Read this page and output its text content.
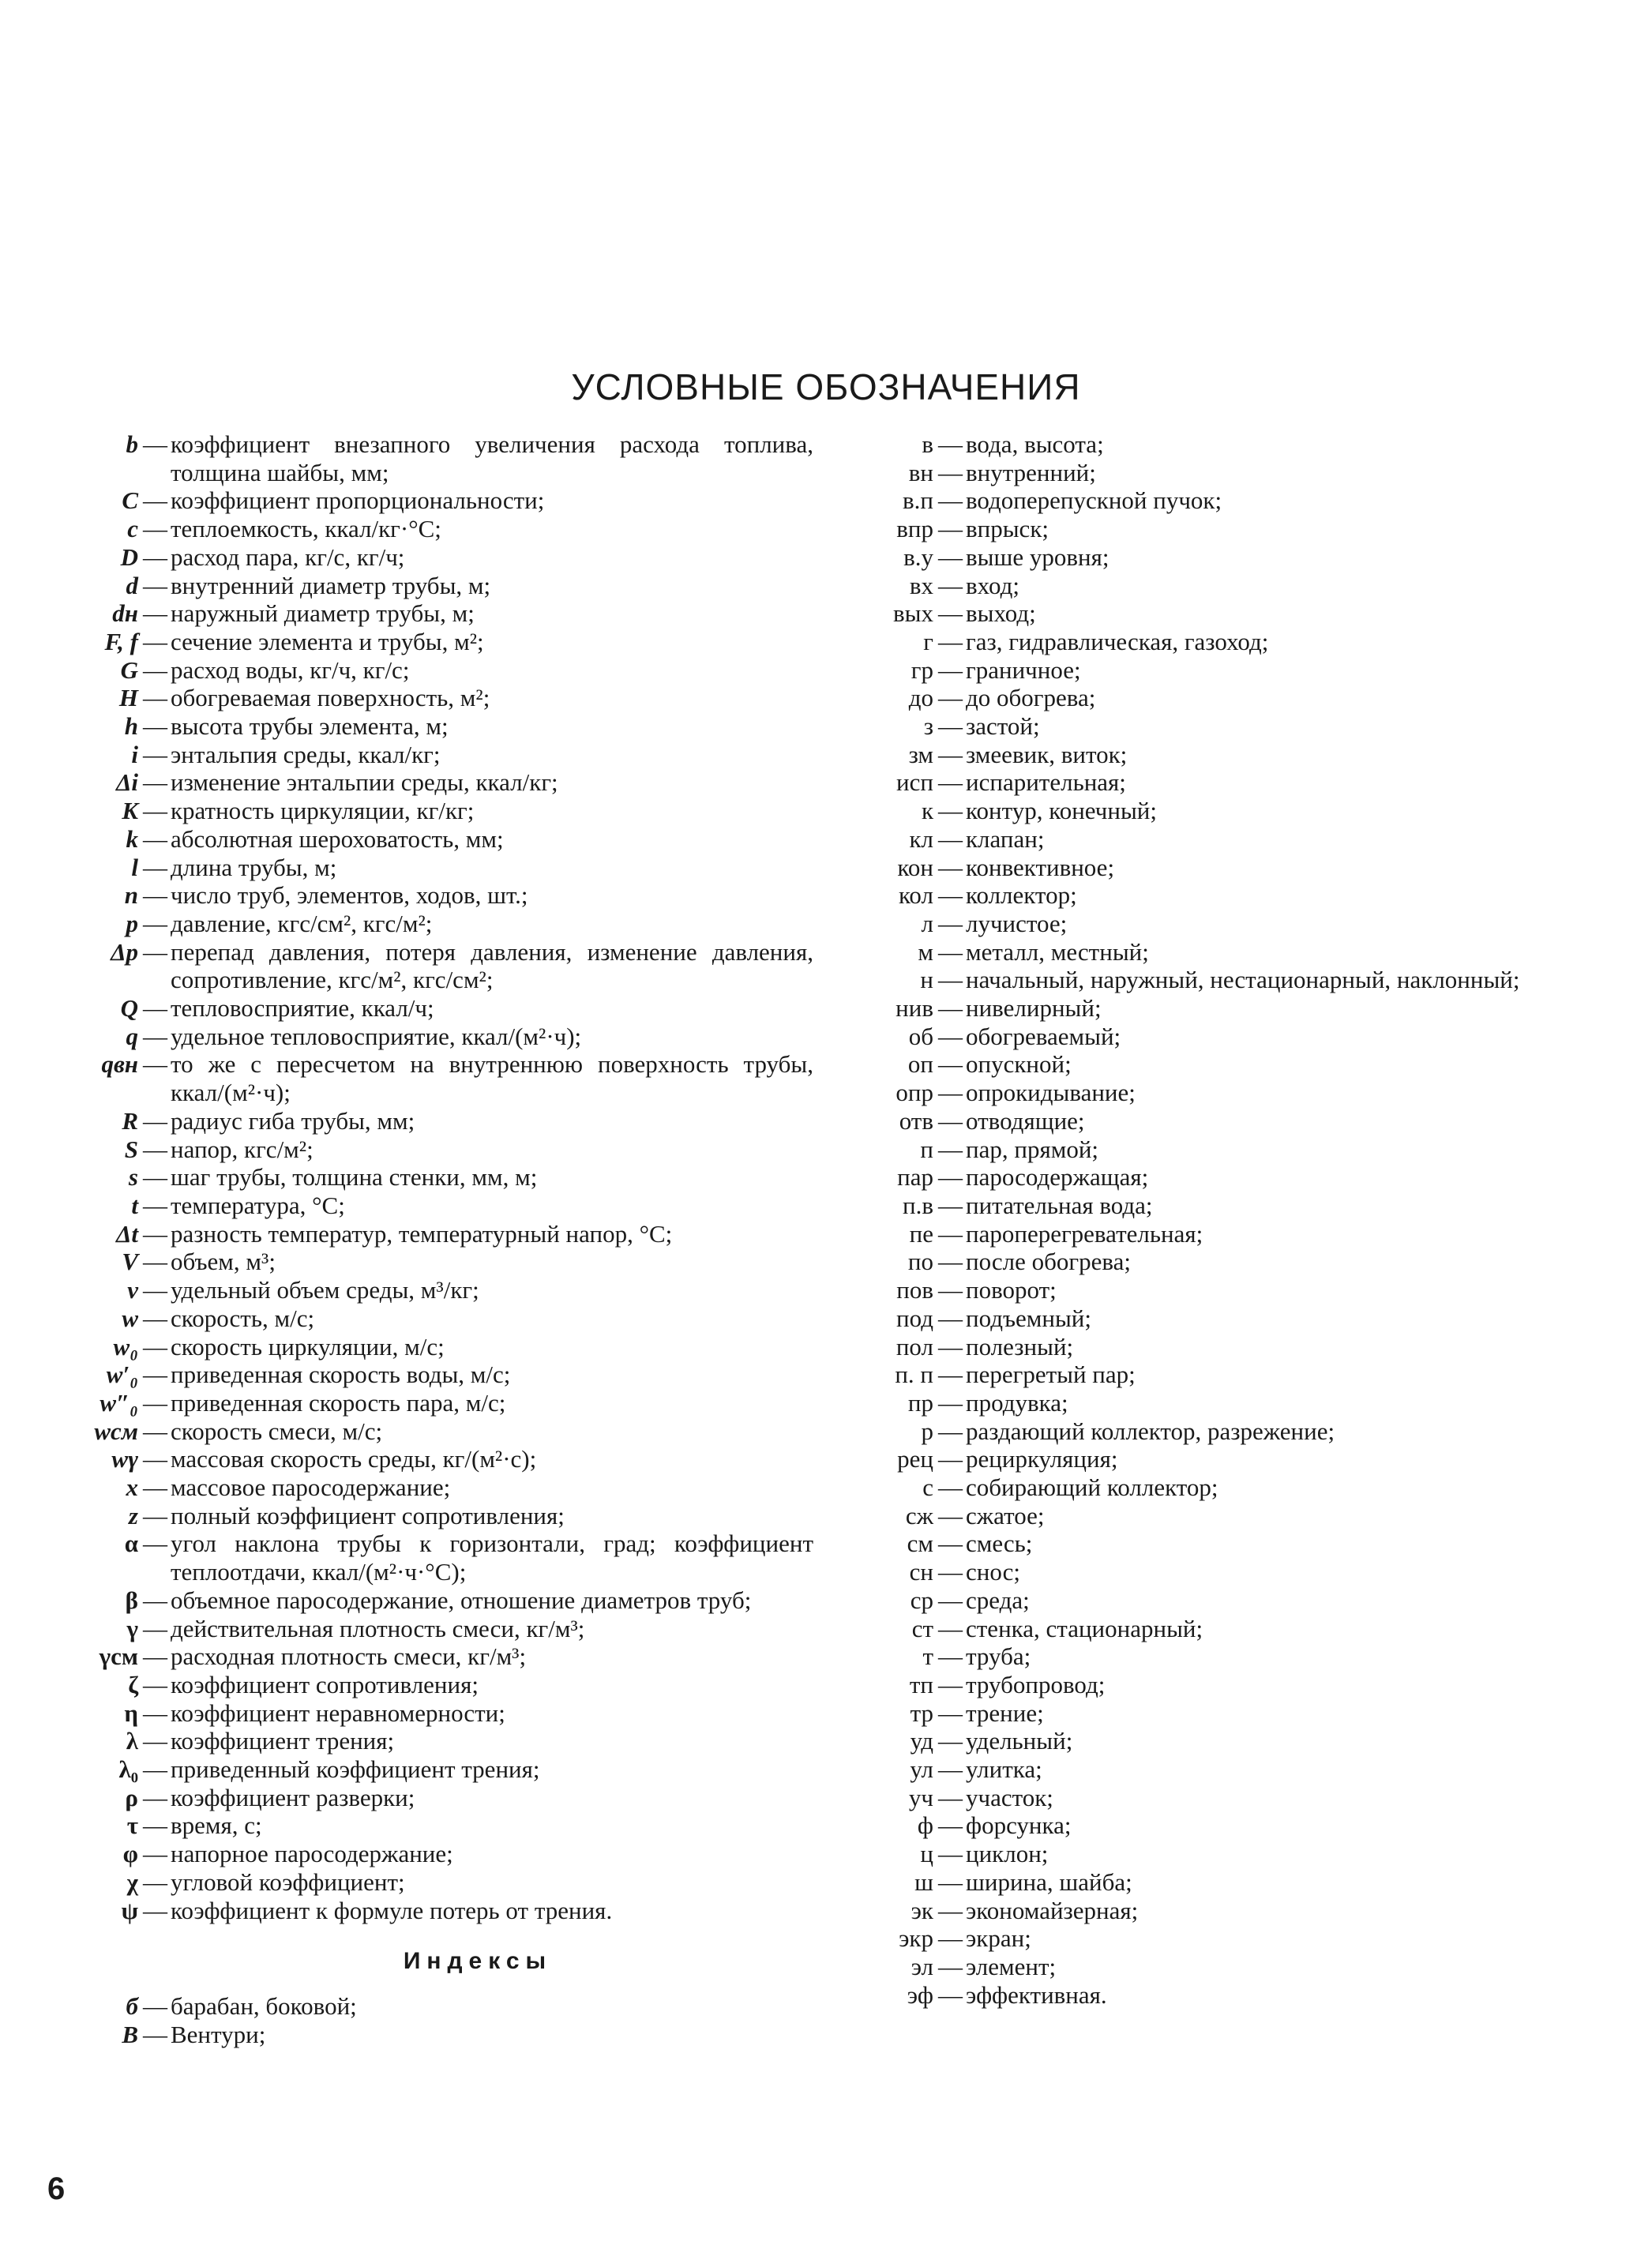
УСЛОВНЫЕ ОБОЗНАЧЕНИЯ
b — коэффициент внезапного увеличения расхода топлива, толщина шайбы, мм;
C — коэффициент пропорциональности;
c — теплоемкость, ккал/кг·°C;
D — расход пара, кг/с, кг/ч;
d — внутренний диаметр трубы, м;
dн — наружный диаметр трубы, м;
F, f — сечение элемента и трубы, м²;
G — расход воды, кг/ч, кг/с;
H — обогреваемая поверхность, м²;
h — высота трубы элемента, м;
i — энтальпия среды, ккал/кг;
Δi — изменение энтальпии среды, ккал/кг;
K — кратность циркуляции, кг/кг;
k — абсолютная шероховатость, мм;
l — длина трубы, м;
n — число труб, элементов, ходов, шт.;
p — давление, кгс/см², кгс/м²;
Δp — перепад давления, потеря давления, изменение давления, сопротивление, кгс/м², кгс/см²;
Q — тепловосприятие, ккал/ч;
q — удельное тепловосприятие, ккал/(м²·ч);
qвн — то же с пересчетом на внутреннюю поверхность трубы, ккал/(м²·ч);
R — радиус гиба трубы, мм;
S — напор, кгс/м²;
s — шаг трубы, толщина стенки, мм, м;
t — температура, °C;
Δt — разность температур, температурный напор, °C;
V — объем, м³;
v — удельный объем среды, м³/кг;
w — скорость, м/с;
w₀ — скорость циркуляции, м/с;
w′₀ — приведенная скорость воды, м/с;
w″₀ — приведенная скорость пара, м/с;
wсм — скорость смеси, м/с;
wγ — массовая скорость среды, кг/(м²·с);
x — массовое паросодержание;
z — полный коэффициент сопротивления;
α — угол наклона трубы к горизонтали, град; коэффициент теплоотдачи, ккал/(м²·ч·°C);
β — объемное паросодержание, отношение диаметров труб;
γ — действительная плотность смеси, кг/м³;
γсм — расходная плотность смеси, кг/м³;
ζ — коэффициент сопротивления;
η — коэффициент неравномерности;
λ — коэффициент трения;
λ₀ — приведенный коэффициент трения;
ρ — коэффициент разверки;
τ — время, с;
φ — напорное паросодержание;
χ — угловой коэффициент;
ψ — коэффициент к формуле потерь от трения.
Индексы
б — барабан, боковой;
В — Вентури;
в — вода, высота;
вн — внутренний;
в.п — водоперепускной пучок;
впр — впрыск;
в.у — выше уровня;
вх — вход;
вых — выход;
г — газ, гидравлическая, газоход;
гр — граничное;
до — до обогрева;
з — застой;
зм — змеевик, виток;
исп — испарительная;
к — контур, конечный;
кл — клапан;
кон — конвективное;
кол — коллектор;
л — лучистое;
м — металл, местный;
н — начальный, наружный, нестационарный, наклонный;
нив — нивелирный;
об — обогреваемый;
оп — опускной;
опр — опрокидывание;
отв — отводящие;
п — пар, прямой;
пар — паросодержащая;
п.в — питательная вода;
пе — пароперегревательная;
по — после обогрева;
пов — поворот;
под — подъемный;
пол — полезный;
п. п — перегретый пар;
пр — продувка;
р — раздающий коллектор, разрежение;
рец — рециркуляция;
с — собирающий коллектор;
сж — сжатое;
см — смесь;
сн — снос;
ср — среда;
ст — стенка, стационарный;
т — труба;
тп — трубопровод;
тр — трение;
уд — удельный;
ул — улитка;
уч — участок;
ф — форсунка;
ц — циклон;
ш — ширина, шайба;
эк — экономайзерная;
экр — экран;
эл — элемент;
эф — эффективная.
6
